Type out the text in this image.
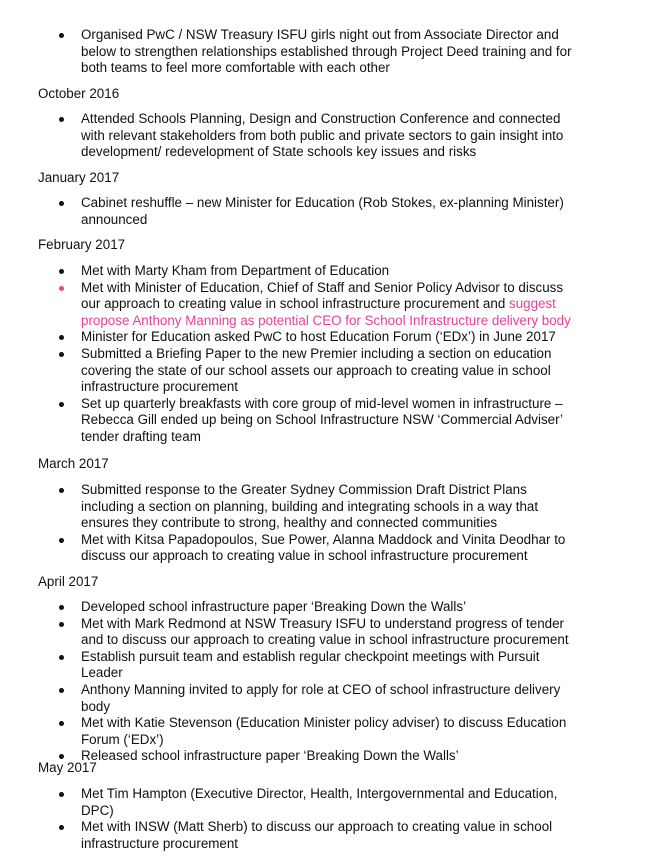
Organised PwC / NSW Treasury ISFU girls night out from Associate Director and below to strengthen relationships established through Project Deed training and for both teams to feel more comfortable with each other
October 2016
Attended Schools Planning, Design and Construction Conference and connected with relevant stakeholders from both public and private sectors to gain insight into development/ redevelopment of State schools key issues and risks
January 2017
Cabinet reshuffle – new Minister for Education (Rob Stokes, ex-planning Minister) announced
February 2017
Met with Marty Kham from Department of Education
Met with Minister of Education, Chief of Staff and Senior Policy Advisor to discuss our approach to creating value in school infrastructure procurement and suggest propose Anthony Manning as potential CEO for School Infrastructure delivery body
Minister for Education asked PwC to host Education Forum (‘EDx’) in June 2017
Submitted a Briefing Paper to the new Premier including a section on education covering the state of our school assets our approach to creating value in school infrastructure procurement
Set up quarterly breakfasts with core group of mid-level women in infrastructure – Rebecca Gill ended up being on School Infrastructure NSW ‘Commercial Adviser’ tender drafting team
March 2017
Submitted response to the Greater Sydney Commission Draft District Plans including a section on planning, building and integrating schools in a way that ensures they contribute to strong, healthy and connected communities
Met with Kitsa Papadopoulos, Sue Power, Alanna Maddock and Vinita Deodhar to discuss our approach to creating value in school infrastructure procurement
April 2017
Developed school infrastructure paper ‘Breaking Down the Walls’
Met with Mark Redmond at NSW Treasury ISFU to understand progress of tender and to discuss our approach to creating value in school infrastructure procurement
Establish pursuit team and establish regular checkpoint meetings with Pursuit Leader
Anthony Manning invited to apply for role at CEO of school infrastructure delivery body
Met with Katie Stevenson (Education Minister policy adviser) to discuss Education Forum (‘EDx’)
Released school infrastructure paper ‘Breaking Down the Walls’
May 2017
Met Tim Hampton (Executive Director, Health, Intergovernmental and Education, DPC)
Met with INSW (Matt Sherb) to discuss our approach to creating value in school infrastructure procurement
